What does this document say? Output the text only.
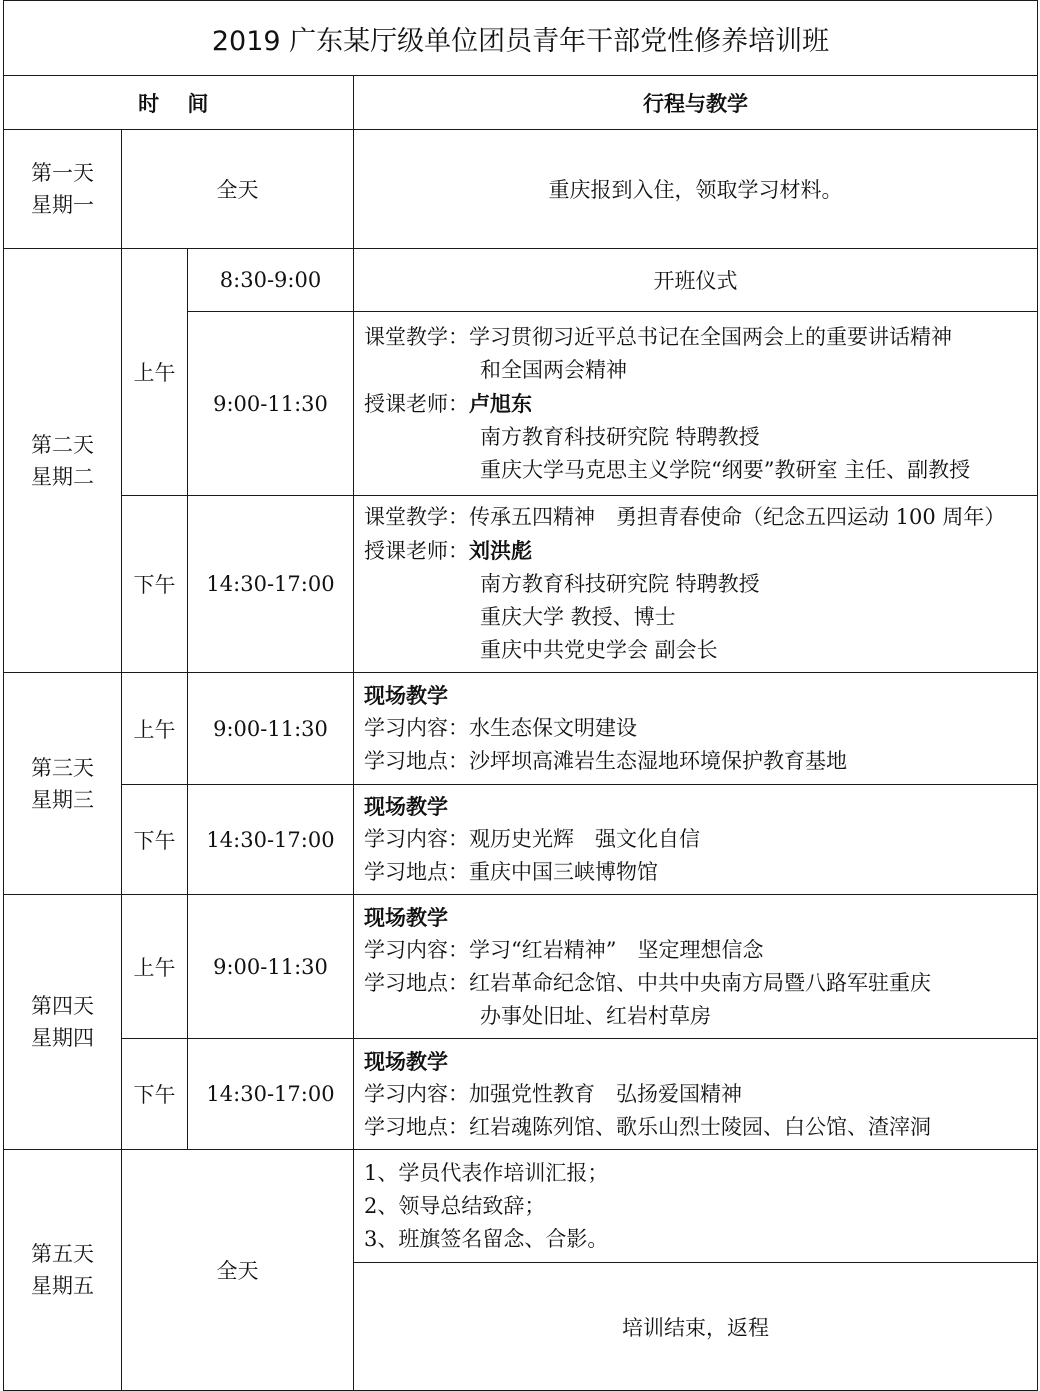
2019 广东某厅级单位团员青年干部党性修养培训班			
时 间			行程与教学

第一天
星期一	全天		重庆报到入住，领取学习材料。

第二天
星期二	上午	8:30-9:00	开班仪式
		9:00-11:30	课堂教学：学习贯彻习近平总书记在全国两会上的重要讲话精神
和全国两会精神
授课老师：卢旭东
南方教育科技研究院 特聘教授
重庆大学马克思主义学院“纲要”教研室 主任、副教授

	下午	14:30-17:00	课堂教学：传承五四精神　勇担青春使命（纪念五四运动 100 周年）
授课老师：刘洪彪
南方教育科技研究院 特聘教授
重庆大学 教授、博士
重庆中共党史学会 副会长

第三天
星期三	上午	9:00-11:30	现场教学
学习内容：水生态保文明建设
学习地点：沙坪坝高滩岩生态湿地环境保护教育基地

	下午	14:30-17:00	现场教学
学习内容：观历史光辉　强文化自信
学习地点：重庆中国三峡博物馆

第四天
星期四	上午	9:00-11:30	现场教学
学习内容：学习“红岩精神”　坚定理想信念
学习地点：红岩革命纪念馆、中共中央南方局暨八路军驻重庆
办事处旧址、红岩村草房

	下午	14:30-17:00	现场教学
学习内容：加强党性教育　弘扬爱国精神
学习地点：红岩魂陈列馆、歌乐山烈士陵园、白公馆、渣滓洞

第五天
星期五	全天		1、学员代表作培训汇报；
2、领导总结致辞；
3、班旗签名留念、合影。

			培训结束，返程
